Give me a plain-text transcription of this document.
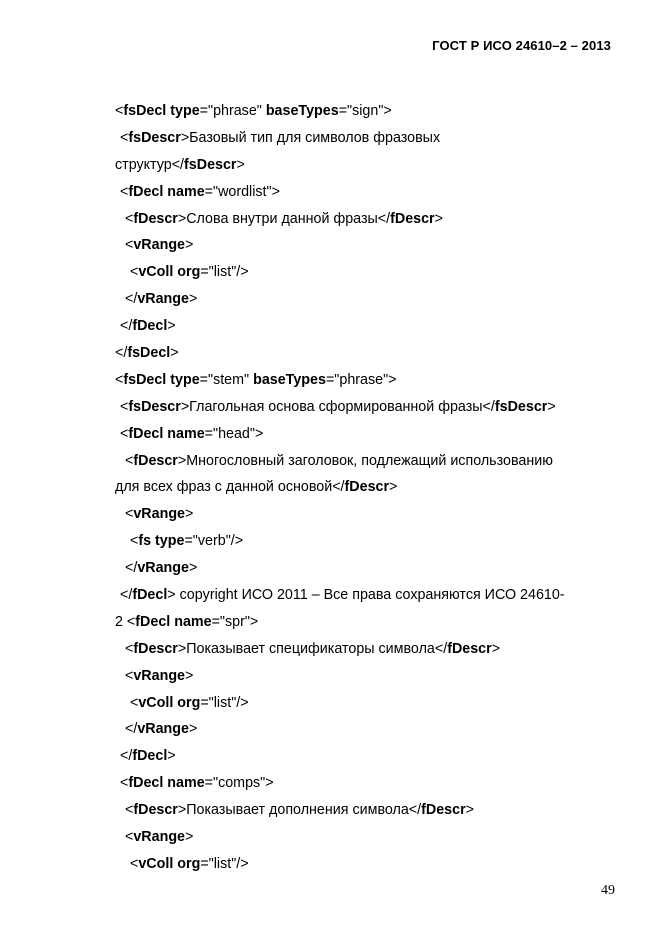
ГОСТ Р ИСО 24610–2 – 2013
<fsDecl type="phrase" baseTypes="sign">
<fsDescr>Базовый тип для символов фразовых
структур</fsDescr>
<fDecl name="wordlist">
<fDescr>Слова внутри данной фразы</fDescr>
<vRange>
<vColl org="list"/>
</vRange>
</fDecl>
</fsDecl>
<fsDecl type="stem" baseTypes="phrase">
<fsDescr>Глагольная основа сформированной фразы</fsDescr>
<fDecl name="head">
<fDescr>Многословный заголовок, подлежащий использованию
для всех фраз с данной основой</fDescr>
<vRange>
<fs type="verb"/>
</vRange>
</fDecl> copyright ИСО 2011 – Все права сохраняются ИСО 24610-
2 <fDecl name="spr">
<fDescr>Показывает спецификаторы символа</fDescr>
<vRange>
<vColl org="list"/>
</vRange>
</fDecl>
<fDecl name="comps">
<fDescr>Показывает дополнения символа</fDescr>
<vRange>
<vColl org="list"/>
49
